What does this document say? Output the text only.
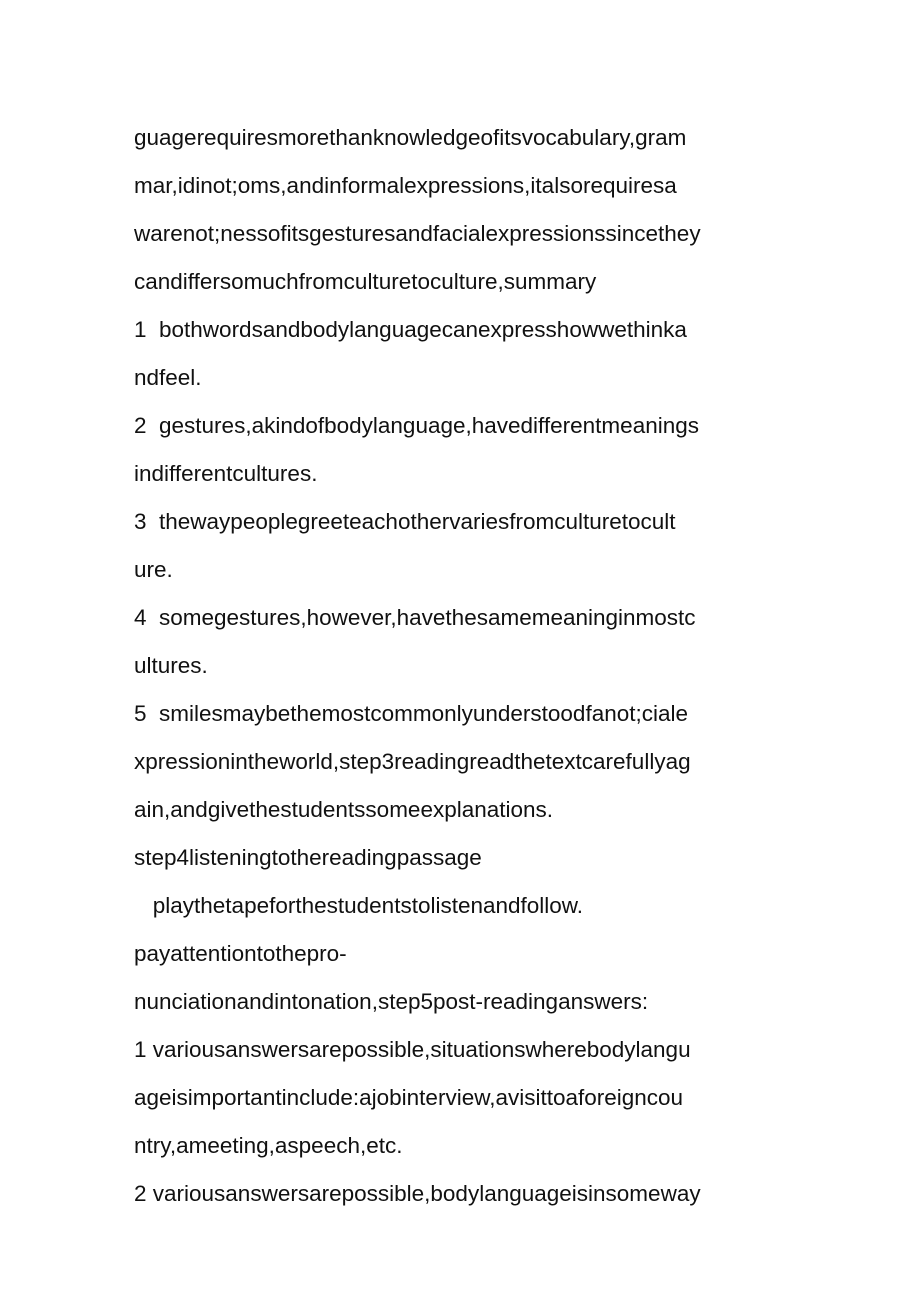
guagerequiresmorethanknowledgeofitsvocabulary,gram
mar,idinot;oms,andinformalexpressions,italsorequiresa
warenot;nessofitsgesturesandfacialexpressionssincethey
candiffersomuchfromculturetoculture,summary
1  bothwordsandbodylanguagecanexpresshowwethinka
ndfeel.
2  gestures,akindofbodylanguage,havedifferentmeanings
indifferentcultures.
3  thewaypeoplegreeteachothervariesfromculturetocult
ure.
4  somegestures,however,havethesamemeaninginmostc
ultures.
5  smilesmaybethemostcommonlyunderstoodfanot;ciale
xpressionintheworld,step3readingreadthetextcarefullyag
ain,andgivethestudentssomeexplanations.
step4listeningtothereadingpassage
playthetapeforthestudentstolistenandfollow.
payattentiontothepro-
nunciationandintonation,step5post-readinganswers:
1 variousanswersarepossible,situationswherebodylangu
ageisimportantinclude:ajobinterview,avisittoaforeigncou
ntry,ameeting,aspeech,etc.
2 variousanswersarepossible,bodylanguageisinsomeway
